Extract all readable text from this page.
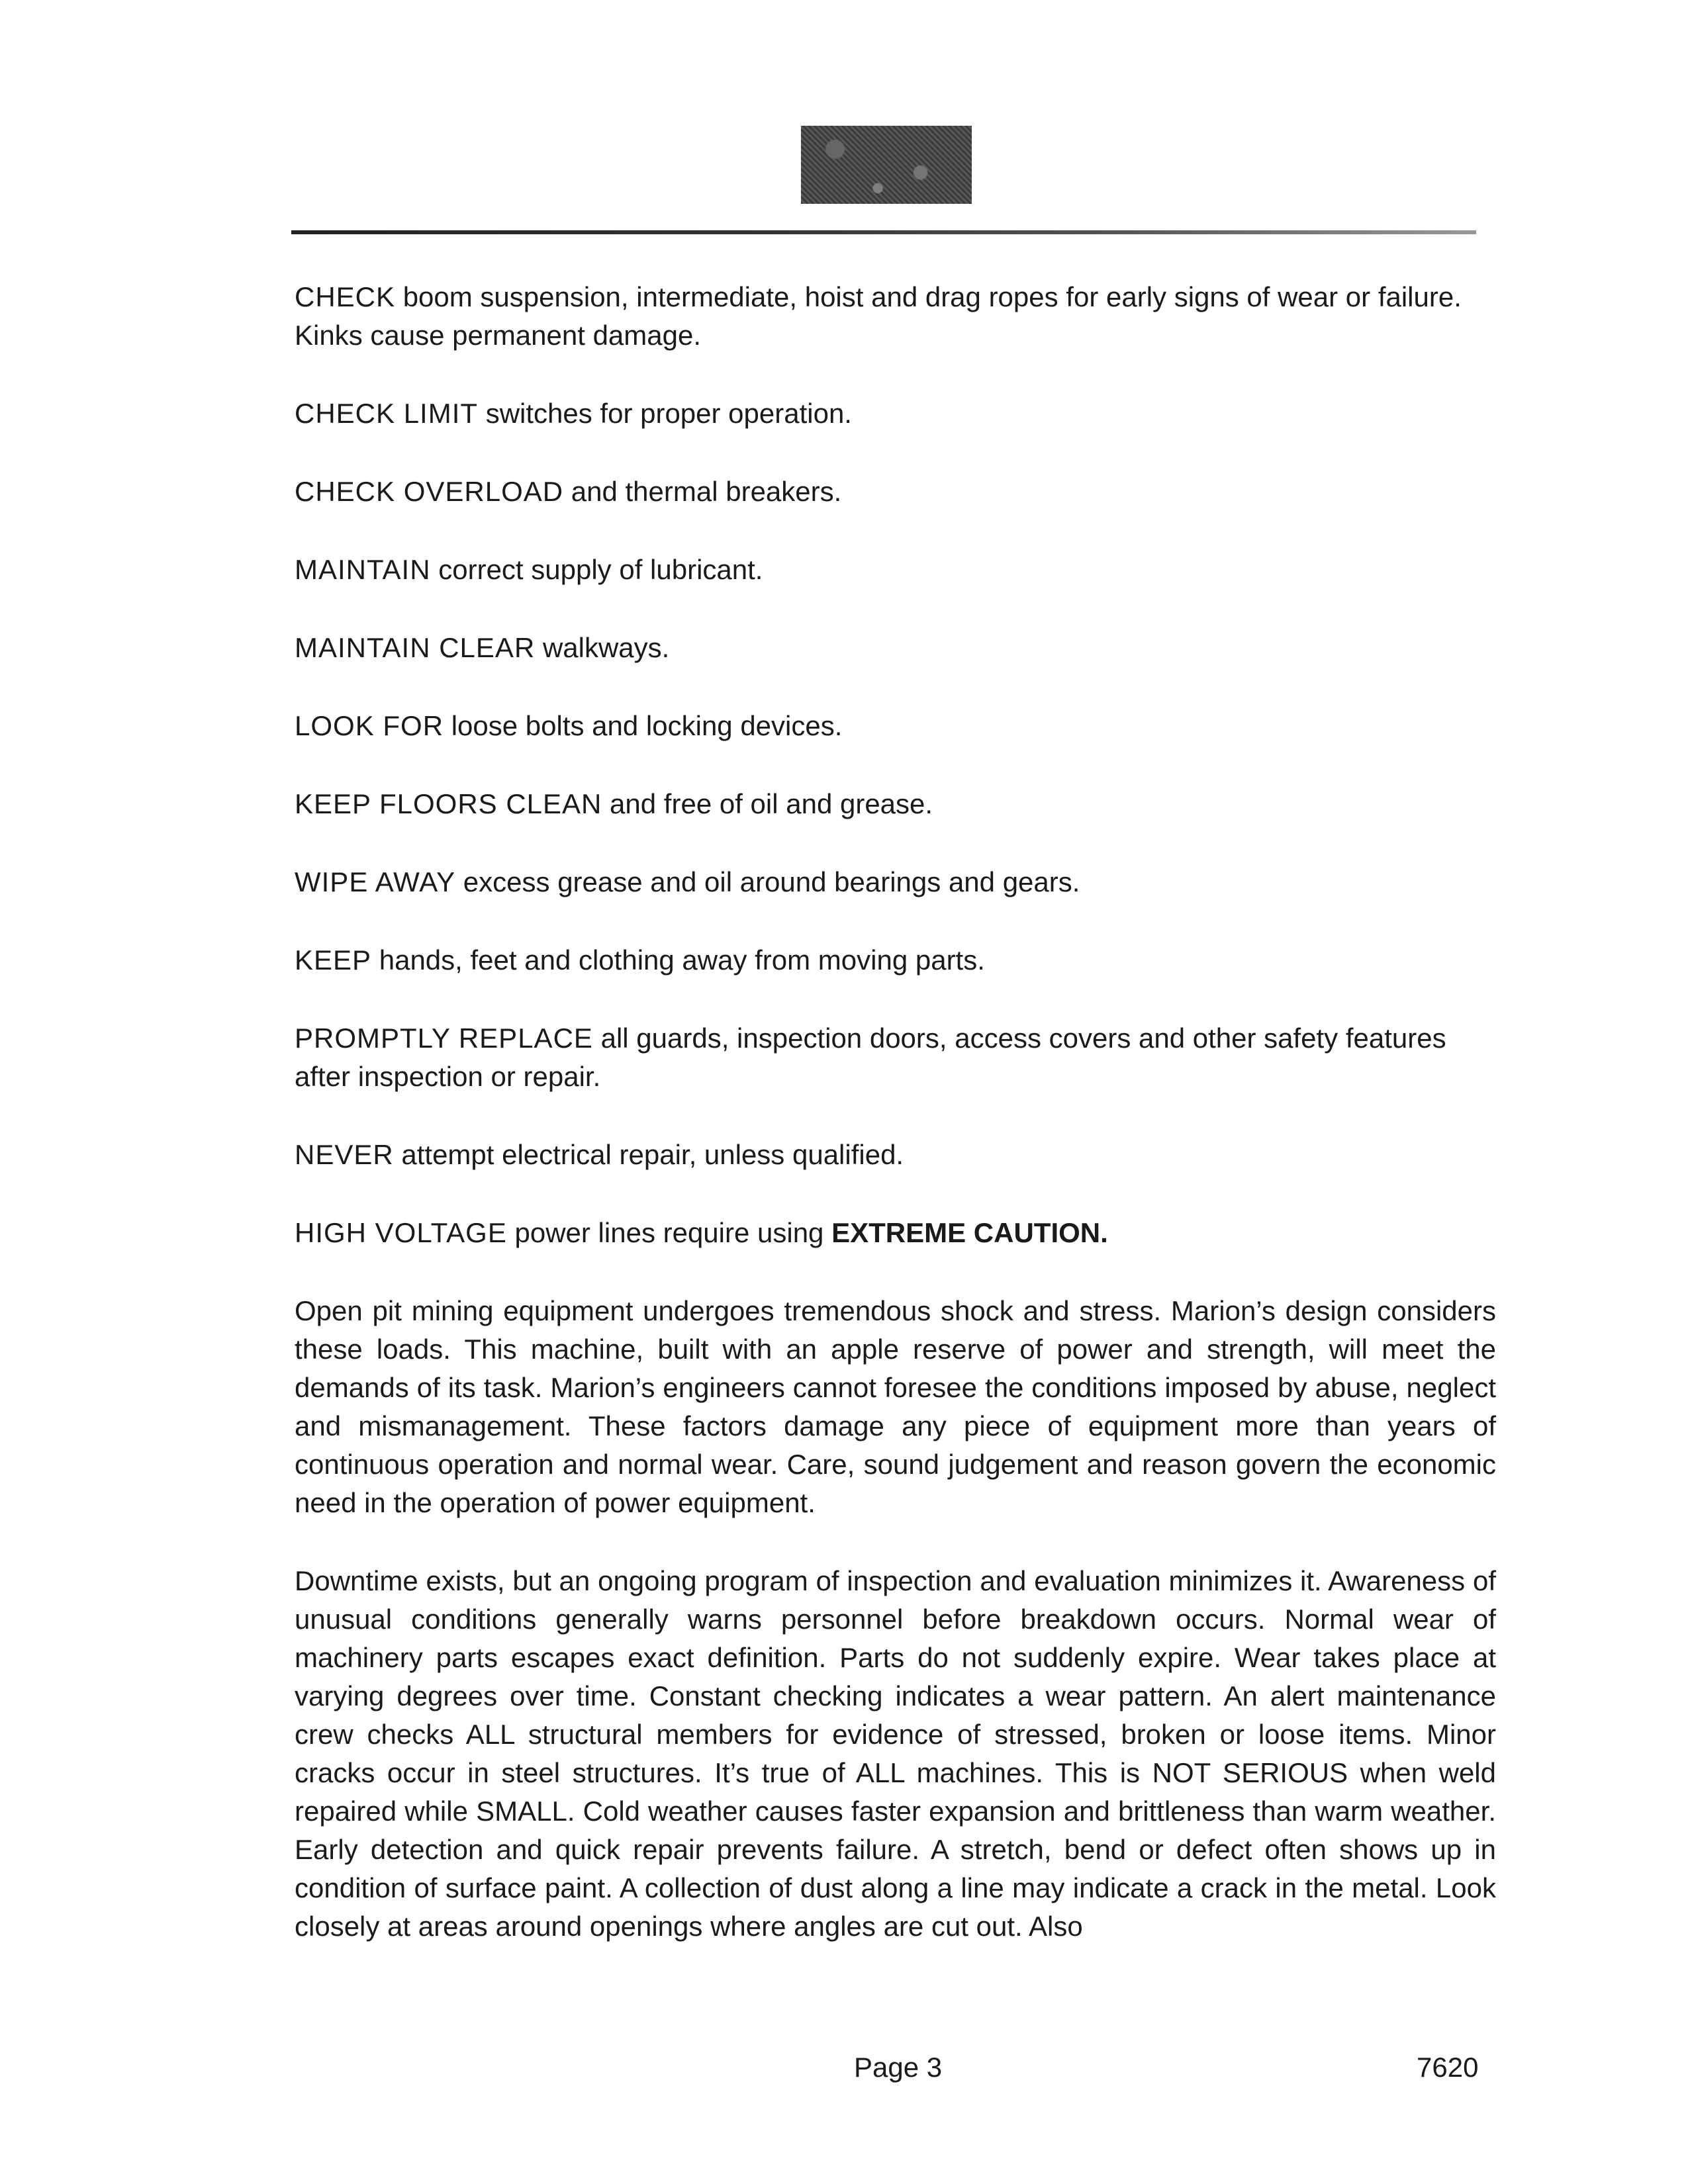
CHECK boom suspension, intermediate, hoist and drag ropes for early signs of wear or failure. Kinks cause permanent damage.

CHECK LIMIT switches for proper operation.

CHECK OVERLOAD and thermal breakers.

MAINTAIN correct supply of lubricant.

MAINTAIN CLEAR walkways.

LOOK FOR loose bolts and locking devices.

KEEP FLOORS CLEAN and free of oil and grease.

WIPE AWAY excess grease and oil around bearings and gears.

KEEP hands, feet and clothing away from moving parts.

PROMPTLY REPLACE all guards, inspection doors, access covers and other safety features after inspection or repair.

NEVER attempt electrical repair, unless qualified.

HIGH VOLTAGE power lines require using EXTREME CAUTION.

Open pit mining equipment undergoes tremendous shock and stress. Marion’s design considers these loads. This machine, built with an apple reserve of power and strength, will meet the demands of its task. Marion’s engineers cannot foresee the conditions imposed by abuse, neglect and mismanagement. These factors damage any piece of equipment more than years of continuous operation and normal wear. Care, sound judgement and reason govern the economic need in the operation of power equipment.

Downtime exists, but an ongoing program of inspection and evaluation minimizes it. Awareness of unusual conditions generally warns personnel before breakdown occurs. Normal wear of machinery parts escapes exact definition. Parts do not suddenly expire. Wear takes place at varying degrees over time. Constant checking indicates a wear pattern. An alert maintenance crew checks ALL structural members for evidence of stressed, broken or loose items. Minor cracks occur in steel structures. It’s true of ALL machines. This is NOT SERIOUS when weld repaired while SMALL. Cold weather causes faster expansion and brittleness than warm weather. Early detection and quick repair prevents failure. A stretch, bend or defect often shows up in condition of surface paint. A collection of dust along a line may indicate a crack in the metal. Look closely at areas around openings where angles are cut out. Also

Page 3	7620
